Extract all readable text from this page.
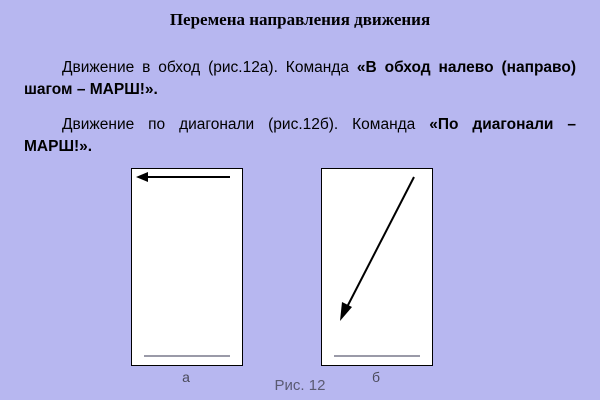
Перемена направления движения
Движение в обход (рис.12а). Команда «В обход налево (направо) шагом – МАРШ!».
Движение по диагонали (рис.12б). Команда «По диагонали – МАРШ!».
а	б
Рис. 12
